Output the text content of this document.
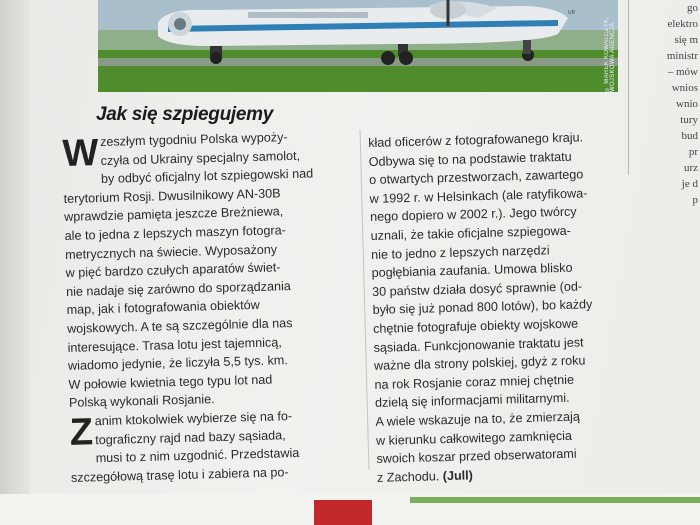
UR
© MAREK KOWALCZYK, WOJSKOWA AGENCJA
go
elektro
się m
ministr
– mów
wnios
wnio
tury
bud
pr
urz
je d
p
Jak się szpiegujemy
W zeszłym tygodniu Polska wypoży-
czyła od Ukrainy specjalny samolot,
by odbyć oficjalny lot szpiegowski nad
terytorium Rosji. Dwusilnikowy AN-30B
wprawdzie pamięta jeszcze Breżniewa,
ale to jedna z lepszych maszyn fotogra-
metrycznych na świecie. Wyposażony
w pięć bardzo czułych aparatów świet-
nie nadaje się zarówno do sporządzania
map, jak i fotografowania obiektów
wojskowych. A te są szczególnie dla nas
interesujące. Trasa lotu jest tajemnicą,
wiadomo jedynie, że liczyła 5,5 tys. km.
W połowie kwietnia tego typu lot nad
Polską wykonali Rosjanie.
Z anim ktokolwiek wybierze się na fo-
tograficzny rajd nad bazy sąsiada,
musi to z nim uzgodnić. Przedstawia
szczegółową trasę lotu i zabiera na po-
kład oficerów z fotografowanego kraju.
Odbywa się to na podstawie traktatu
o otwartych przestworzach, zawartego
w 1992 r. w Helsinkach (ale ratyfikowa-
nego dopiero w 2002 r.). Jego twórcy
uznali, że takie oficjalne szpiegowa-
nie to jedno z lepszych narzędzi
pogłębiania zaufania. Umowa blisko
30 państw działa dosyć sprawnie (od-
było się już ponad 800 lotów), bo każdy
chętnie fotografuje obiekty wojskowe
sąsiada. Funkcjonowanie traktatu jest
ważne dla strony polskiej, gdyż z roku
na rok Rosjanie coraz mniej chętnie
dzielą się informacjami militarnymi.
A wiele wskazuje na to, że zmierzają
w kierunku całkowitego zamknięcia
swoich koszar przed obserwatorami
z Zachodu. (Jull)
